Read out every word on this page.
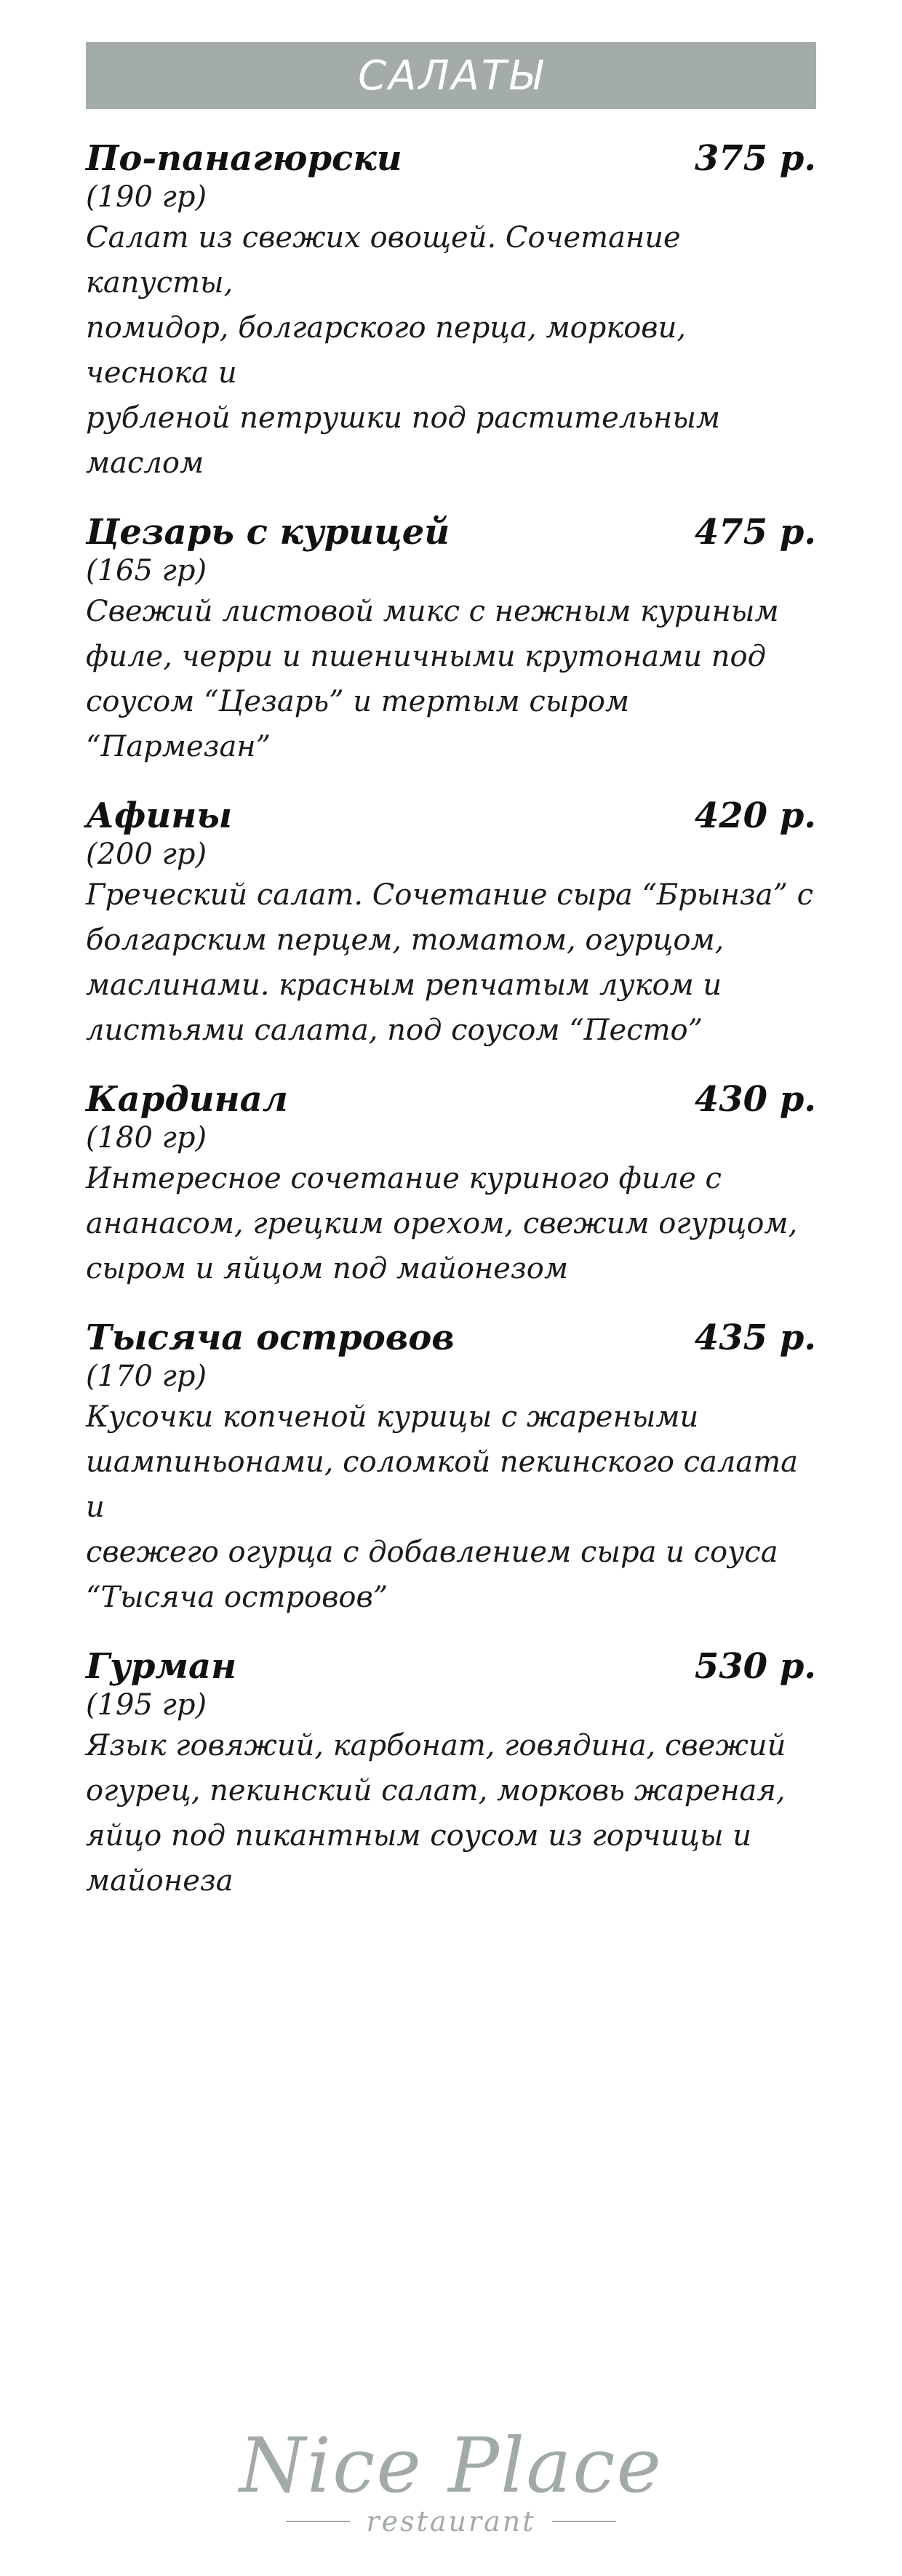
САЛАТЫ
По-панагюрски	375 р.
(190 гр)
Салат из свежих овощей. Сочетание капусты,
помидор, болгарского перца, моркови, чеснока и
рубленой петрушки под растительным маслом
Цезарь с курицей	475 р.
(165 гр)
Свежий листовой микс с нежным куриным
филе, черри и пшеничными крутонами под
соусом “Цезарь” и тертым сыром “Пармезан”
Афины	420 р.
(200 гр)
Греческий салат. Сочетание сыра “Брынза” с
болгарским перцем, томатом, огурцом,
маслинами. красным репчатым луком и
листьями салата, под соусом “Песто”
Кардинал	430 р.
(180 гр)
Интересное сочетание куриного филе с
ананасом, грецким орехом, свежим огурцом,
сыром и яйцом под майонезом
Тысяча островов	435 р.
(170 гр)
Кусочки копченой курицы с жареными
шампиньонами, соломкой пекинского салата и
свежего огурца с добавлением сыра и соуса
“Тысяча островов”
Гурман	530 р.
(195 гр)
Язык говяжий, карбонат, говядина, свежий
огурец, пекинский салат, морковь жареная,
яйцо под пикантным соусом из горчицы и
майонеза
Nice Place
restaurant
